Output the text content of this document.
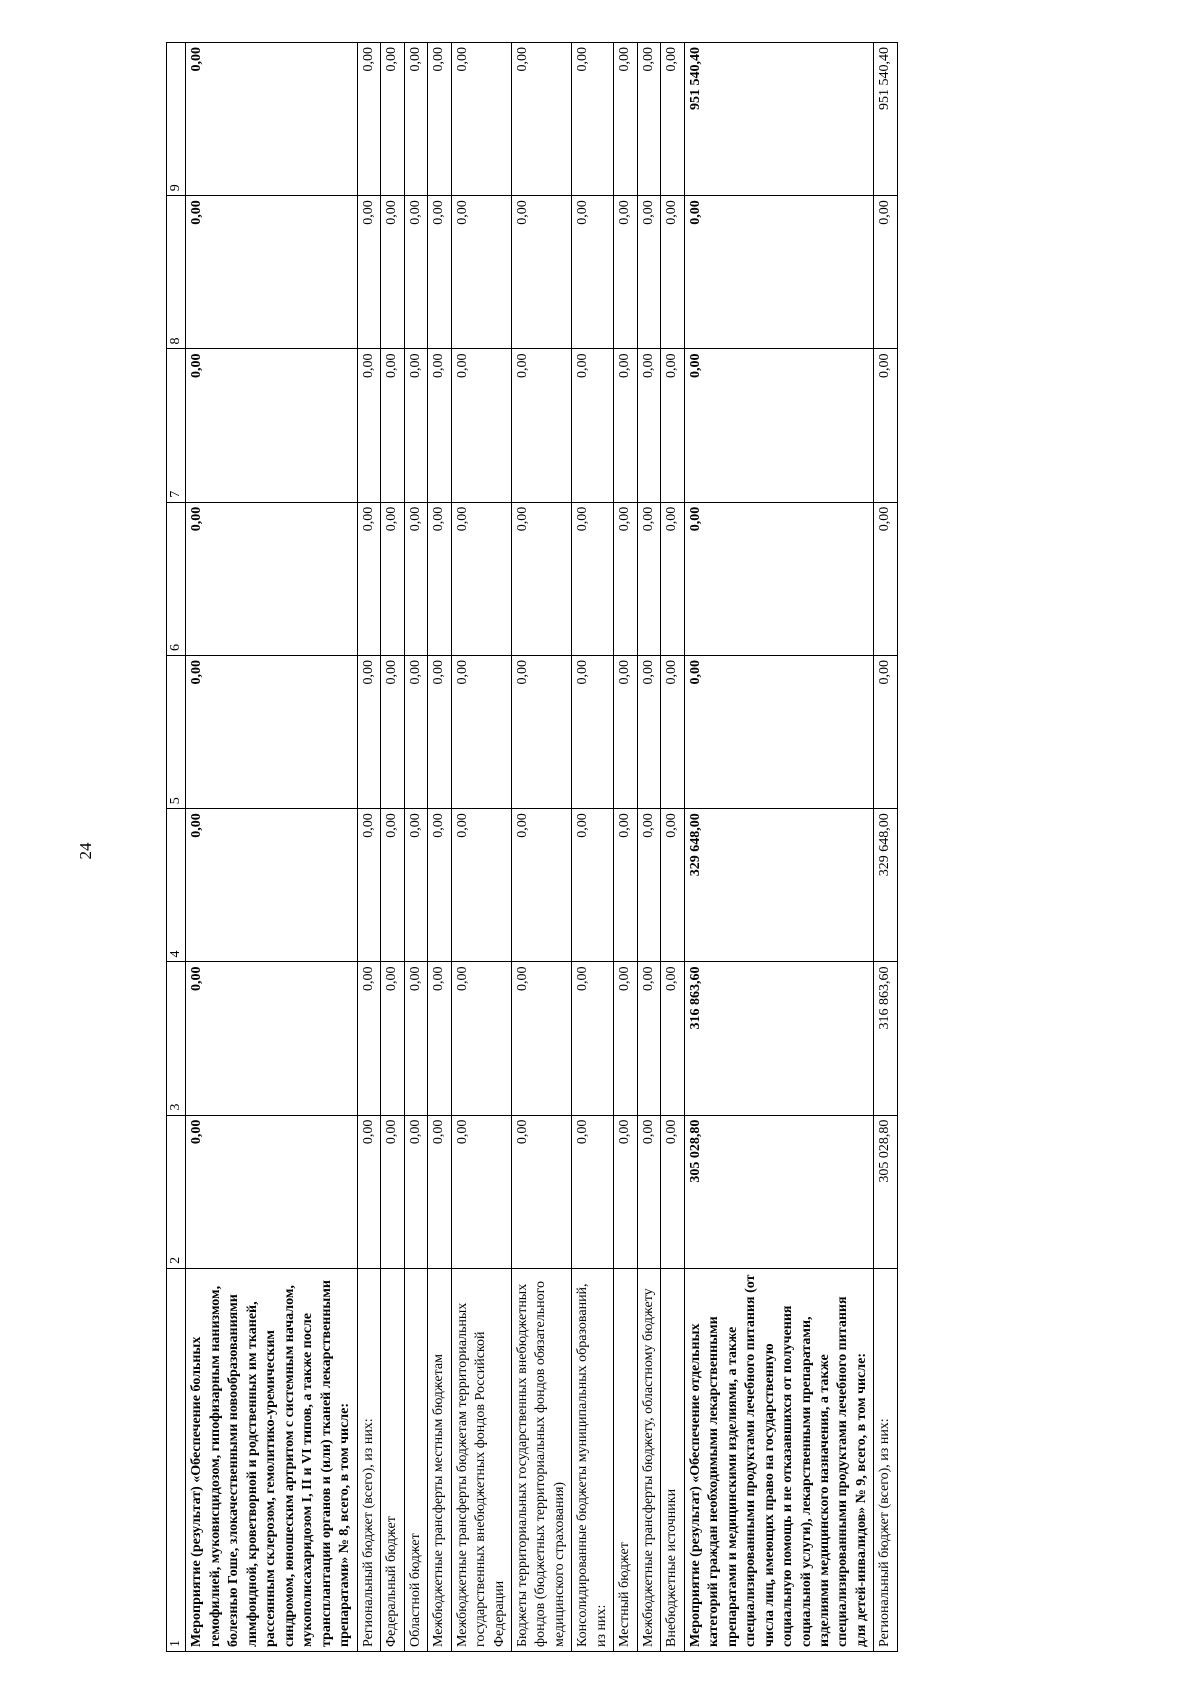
24
1	2	3	4	5	6	7	8	9
Мероприятие (результат) «Обеспечение больных гемофилией, муковисцидозом, гипофизарным нанизмом, болезнью Гоше, злокачественными новообразованиями лимфоидной, кроветворной и родственных им тканей, рассеянным склерозом, гемолитико-уремическим синдромом, юношеским артритом с системным началом, мукополисахаридозом I, II и VI типов, а также после трансплантации органов и (или) тканей лекарственными препаратами» № 8, всего, в том числе:	0,00	0,00	0,00	0,00	0,00	0,00	0,00	0,00
Региональный бюджет (всего), из них:	0,00	0,00	0,00	0,00	0,00	0,00	0,00	0,00
Федеральный бюджет	0,00	0,00	0,00	0,00	0,00	0,00	0,00	0,00
Областной бюджет	0,00	0,00	0,00	0,00	0,00	0,00	0,00	0,00
Межбюджетные трансферты местным бюджетам	0,00	0,00	0,00	0,00	0,00	0,00	0,00	0,00
Межбюджетные трансферты бюджетам территориальных государственных внебюджетных фондов Российской Федерации	0,00	0,00	0,00	0,00	0,00	0,00	0,00	0,00
Бюджеты территориальных государственных внебюджетных фондов (бюджетных территориальных фондов обязательного медицинского страхования)	0,00	0,00	0,00	0,00	0,00	0,00	0,00	0,00
Консолидированные бюджеты муниципальных образований, из них:	0,00	0,00	0,00	0,00	0,00	0,00	0,00	0,00
Местный бюджет	0,00	0,00	0,00	0,00	0,00	0,00	0,00	0,00
Межбюджетные трансферты бюджету, областному бюджету	0,00	0,00	0,00	0,00	0,00	0,00	0,00	0,00
Внебюджетные источники	0,00	0,00	0,00	0,00	0,00	0,00	0,00	0,00
Мероприятие (результат) «Обеспечение отдельных категорий граждан необходимыми лекарственными препаратами и медицинскими изделиями, а также специализированными продуктами лечебного питания (от числа лиц, имеющих право на государственную социальную помощь и не отказавшихся от получения социальной услуги), лекарственными препаратами, изделиями медицинского назначения, а также специализированными продуктами лечебного питания для детей-инвалидов» № 9, всего, в том числе:	305 028,80	316 863,60	329 648,00	0,00	0,00	0,00	0,00	951 540,40
Региональный бюджет (всего), из них:	305 028,80	316 863,60	329 648,00	0,00	0,00	0,00	0,00	951 540,40
